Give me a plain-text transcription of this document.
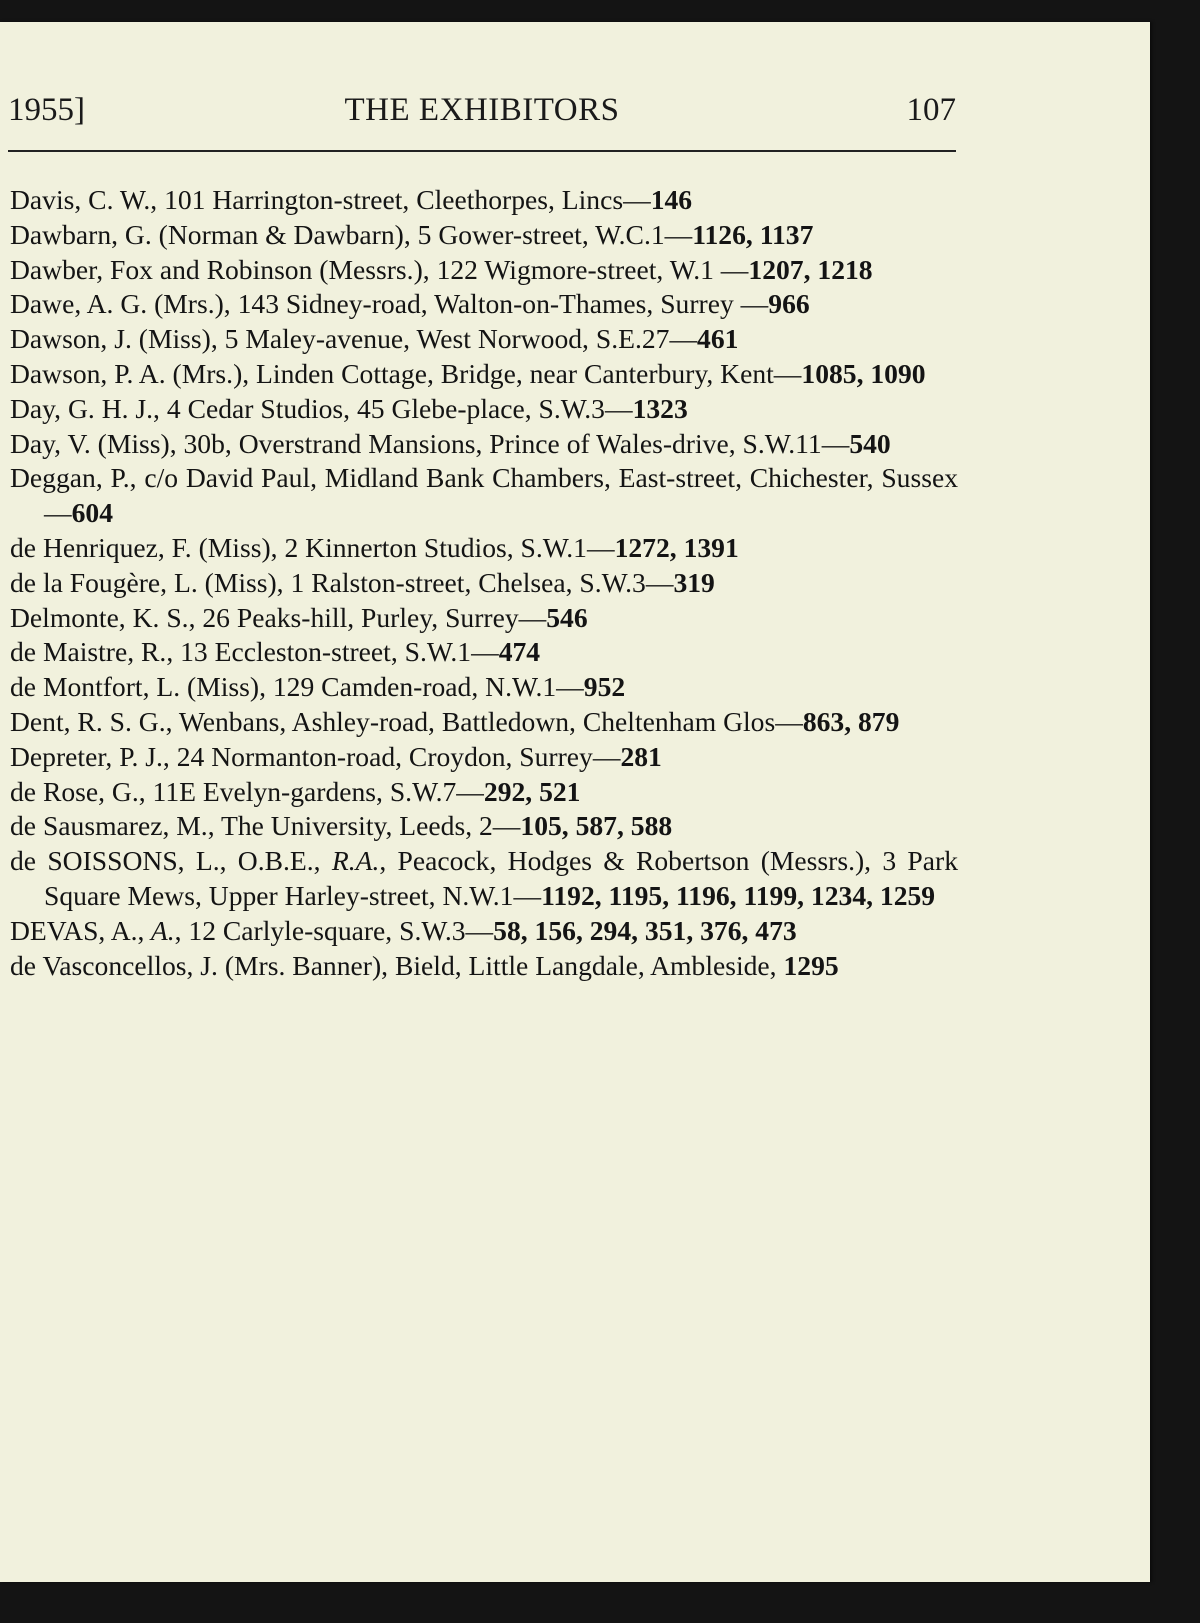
1955]	THE EXHIBITORS	107
Davis, C. W., 101 Harrington-street, Cleethorpes, Lincs—146
Dawbarn, G. (Norman & Dawbarn), 5 Gower-street, W.C.1—1126, 1137
Dawber, Fox and Robinson (Messrs.), 122 Wigmore-street, W.1 —1207, 1218
Dawe, A. G. (Mrs.), 143 Sidney-road, Walton-on-Thames, Surrey —966
Dawson, J. (Miss), 5 Maley-avenue, West Norwood, S.E.27—461
Dawson, P. A. (Mrs.), Linden Cottage, Bridge, near Canterbury, Kent—1085, 1090
Day, G. H. J., 4 Cedar Studios, 45 Glebe-place, S.W.3—1323
Day, V. (Miss), 30b, Overstrand Mansions, Prince of Wales-drive, S.W.11—540
Deggan, P., c/o David Paul, Midland Bank Chambers, East-street, Chichester, Sussex—604
de Henriquez, F. (Miss), 2 Kinnerton Studios, S.W.1—1272, 1391
de la Fougère, L. (Miss), 1 Ralston-street, Chelsea, S.W.3—319
Delmonte, K. S., 26 Peaks-hill, Purley, Surrey—546
de Maistre, R., 13 Eccleston-street, S.W.1—474
de Montfort, L. (Miss), 129 Camden-road, N.W.1—952
Dent, R. S. G., Wenbans, Ashley-road, Battledown, Cheltenham Glos—863, 879
Depreter, P. J., 24 Normanton-road, Croydon, Surrey—281
de Rose, G., 11E Evelyn-gardens, S.W.7—292, 521
de Sausmarez, M., The University, Leeds, 2—105, 587, 588
de SOISSONS, L., O.B.E., R.A., Peacock, Hodges & Robertson (Messrs.), 3 Park Square Mews, Upper Harley-street, N.W.1—1192, 1195, 1196, 1199, 1234, 1259
DEVAS, A., A., 12 Carlyle-square, S.W.3—58, 156, 294, 351, 376, 473
de Vasconcellos, J. (Mrs. Banner), Bield, Little Langdale, Ambleside, 1295
